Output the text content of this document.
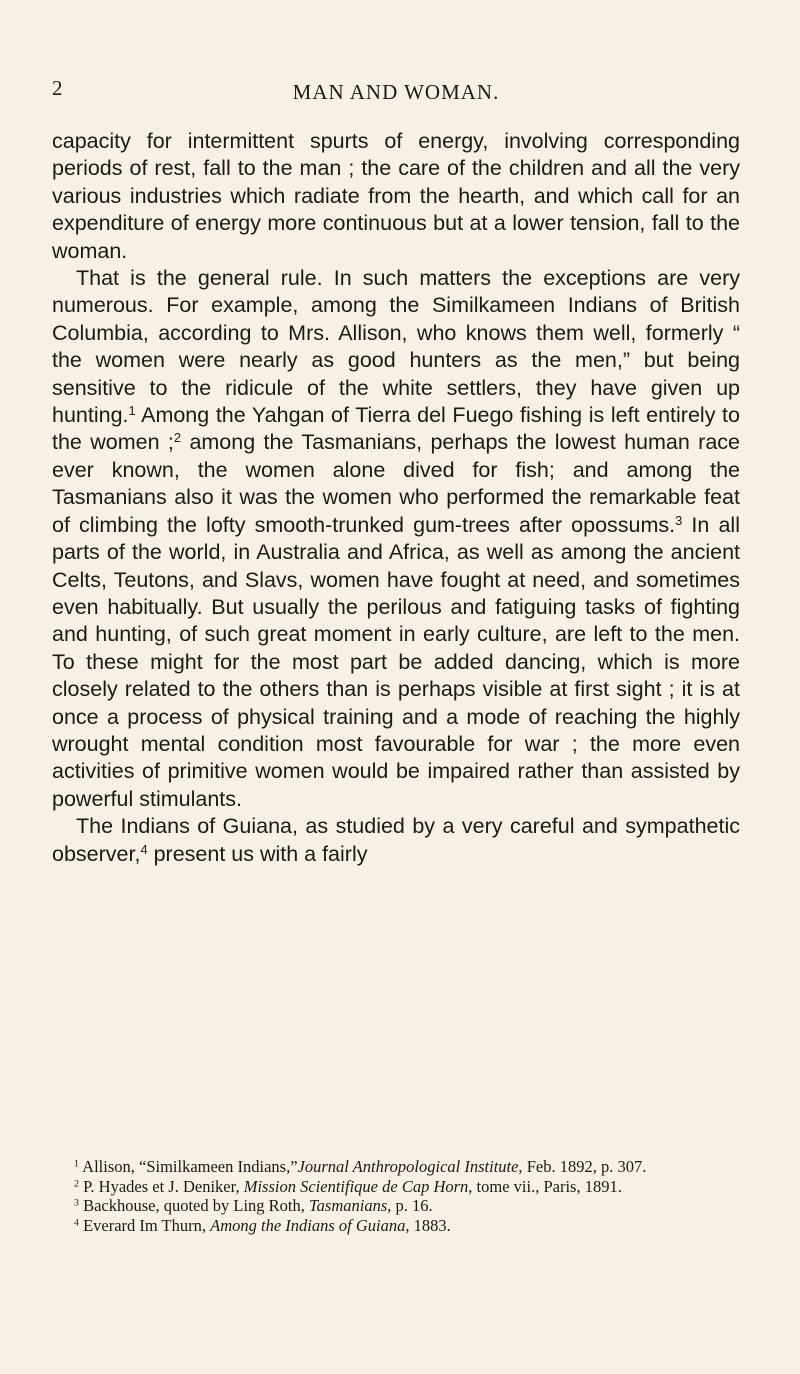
2	MAN AND WOMAN.

capacity for intermittent spurts of energy, involving corresponding periods of rest, fall to the man ; the care of the children and all the very various industries which radiate from the hearth, and which call for an expenditure of energy more continuous but at a lower tension, fall to the woman.

That is the general rule. In such matters the exceptions are very numerous. For example, among the Similkameen Indians of British Columbia, according to Mrs. Allison, who knows them well, formerly “ the women were nearly as good hunters as the men,” but being sensitive to the ridicule of the white settlers, they have given up hunting.$^1$ Among the Yahgan of Tierra del Fuego fishing is left entirely to the women ;$^2$ among the Tasmanians, perhaps the lowest human race ever known, the women alone dived for fish; and among the Tasmanians also it was the women who performed the remarkable feat of climbing the lofty smooth-trunked gum-trees after opossums.$^3$ In all parts of the world, in Australia and Africa, as well as among the ancient Celts, Teutons, and Slavs, women have fought at need, and sometimes even habitually. But usually the perilous and fatiguing tasks of fighting and hunting, of such great moment in early culture, are left to the men. To these might for the most part be added dancing, which is more closely related to the others than is perhaps visible at first sight ; it is at once a process of physical training and a mode of reaching the highly wrought mental condition most favourable for war ; the more even activities of primitive women would be impaired rather than assisted by powerful stimulants.

The Indians of Guiana, as studied by a very careful and sympathetic observer,$^4$ present us with a fairly

$^1$ Allison, “Similkameen Indians,”Journal Anthropological Institute, Feb. 1892, p. 307.

$^2$ P. Hyades et J. Deniker, Mission Scientifique de Cap Horn, tome vii., Paris, 1891.

$^3$ Backhouse, quoted by Ling Roth, Tasmanians, p. 16.

$^4$ Everard Im Thurn, Among the Indians of Guiana, 1883.
